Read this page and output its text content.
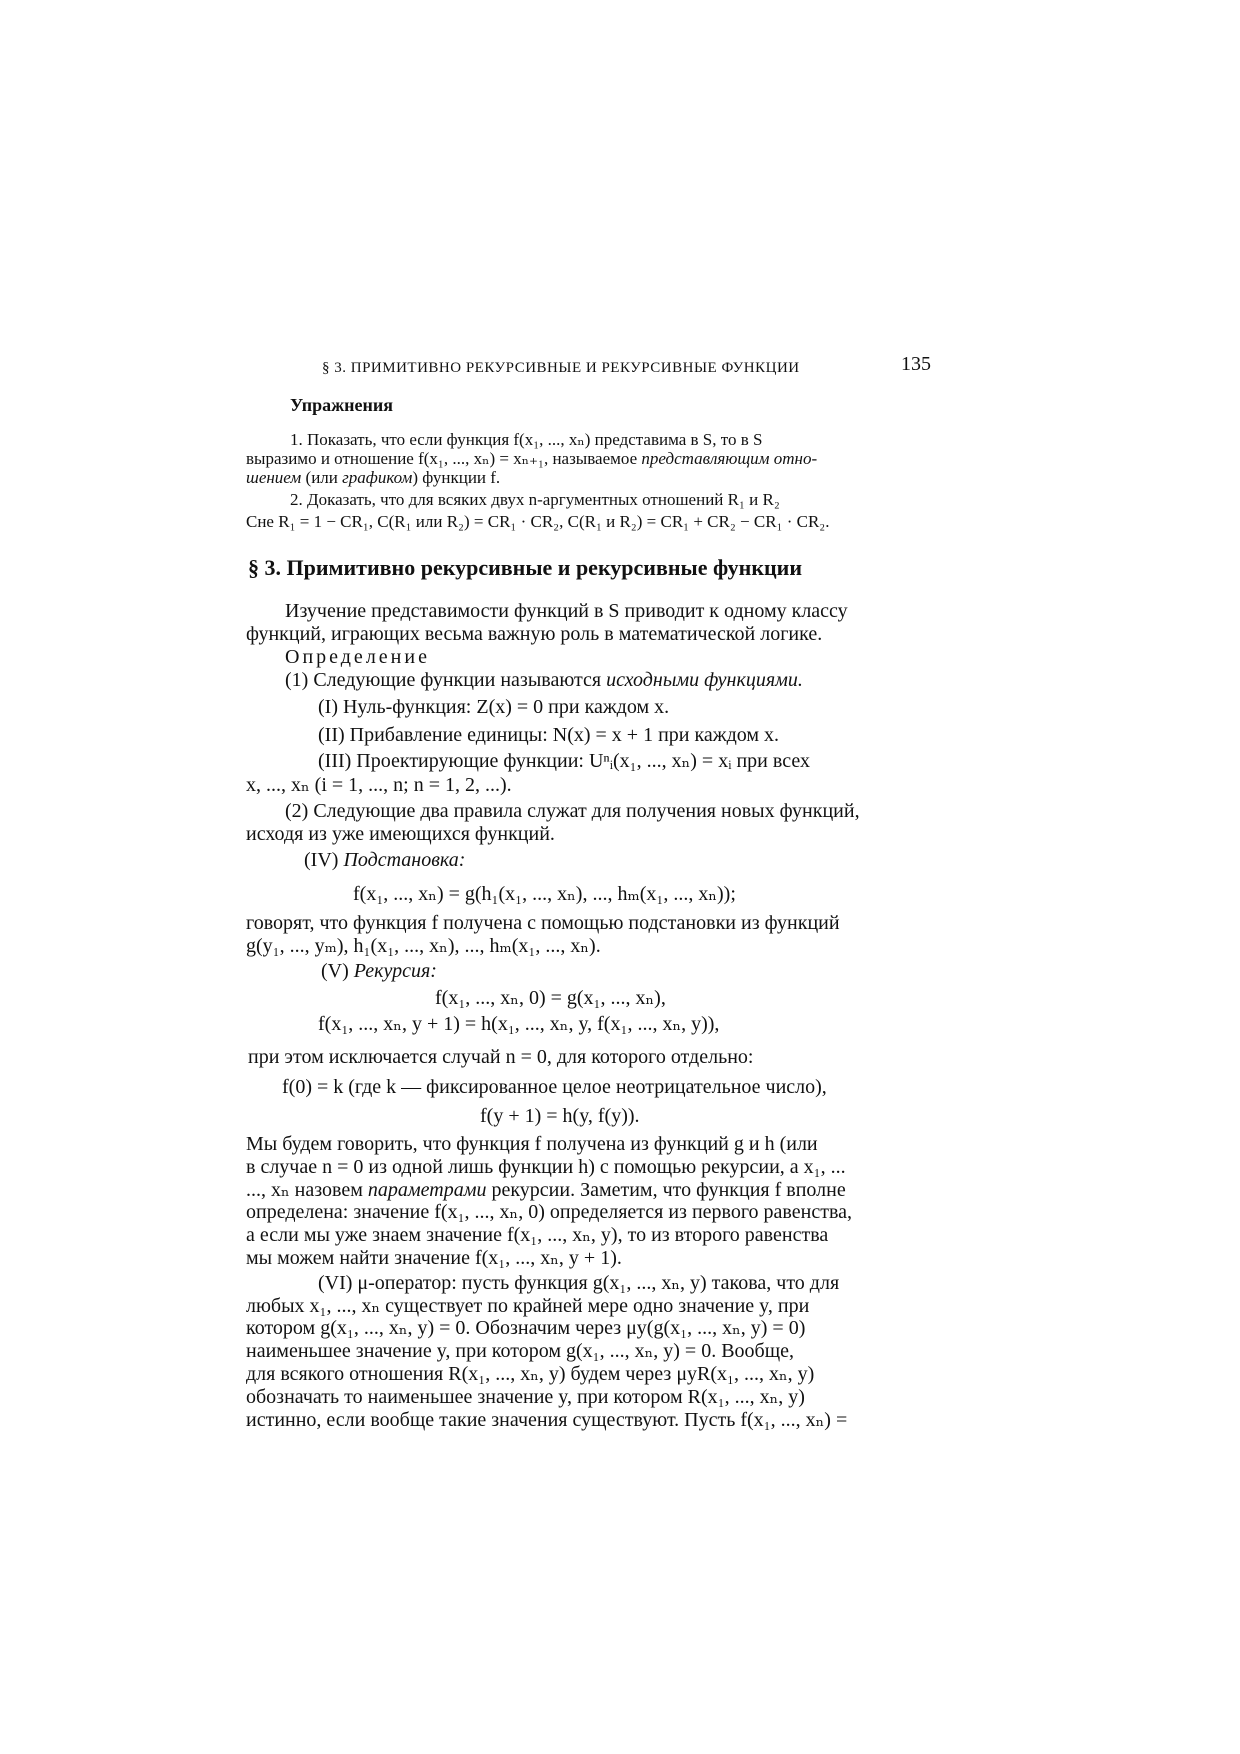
§ 3. ПРИМИТИВНО РЕКУРСИВНЫЕ И РЕКУРСИВНЫЕ ФУНКЦИИ	135
Упражнения
1. Показать, что если функция f(x₁, ..., xₙ) представима в S, то в S
выразимо и отношение f(x₁, ..., xₙ) = xₙ₊₁, называемое представляющим отно-
шением (или графиком) функции f.
2. Доказать, что для всяких двух n-аргументных отношений R₁ и R₂
Cне R₁ = 1 − CR₁, C(R₁ или R₂) = CR₁ · CR₂, C(R₁ и R₂) = CR₁ + CR₂ − CR₁ · CR₂.
§ 3. Примитивно рекурсивные и рекурсивные функции
Изучение представимости функций в S приводит к одному классу
функций, играющих весьма важную роль в математической логике.
Определение
(1) Следующие функции называются исходными функциями.
(I) Нуль-функция: Z(x) = 0 при каждом x.
(II) Прибавление единицы: N(x) = x + 1 при каждом x.
(III) Проектирующие функции: Uⁿᵢ(x₁, ..., xₙ) = xᵢ при всех
x, ..., xₙ (i = 1, ..., n; n = 1, 2, ...).
(2) Следующие два правила служат для получения новых функций,
исходя из уже имеющихся функций.
(IV) Подстановка:
f(x₁, ..., xₙ) = g(h₁(x₁, ..., xₙ), ..., hₘ(x₁, ..., xₙ));
говорят, что функция f получена с помощью подстановки из функций
g(y₁, ..., yₘ), h₁(x₁, ..., xₙ), ..., hₘ(x₁, ..., xₙ).
(V) Рекурсия:
f(x₁, ..., xₙ, 0) = g(x₁, ..., xₙ),
f(x₁, ..., xₙ, y + 1) = h(x₁, ..., xₙ, y, f(x₁, ..., xₙ, y)),
при этом исключается случай n = 0, для которого отдельно:
f(0) = k (где k — фиксированное целое неотрицательное число),
f(y + 1) = h(y, f(y)).
Мы будем говорить, что функция f получена из функций g и h (или
в случае n = 0 из одной лишь функции h) с помощью рекурсии, а x₁, ...
..., xₙ назовем параметрами рекурсии. Заметим, что функция f вполне
определена: значение f(x₁, ..., xₙ, 0) определяется из первого равенства,
а если мы уже знаем значение f(x₁, ..., xₙ, y), то из второго равенства
мы можем найти значение f(x₁, ..., xₙ, y + 1).
(VI) μ-оператор: пусть функция g(x₁, ..., xₙ, y) такова, что для
любых x₁, ..., xₙ существует по крайней мере одно значение y, при
котором g(x₁, ..., xₙ, y) = 0. Обозначим через μy(g(x₁, ..., xₙ, y) = 0)
наименьшее значение y, при котором g(x₁, ..., xₙ, y) = 0. Вообще,
для всякого отношения R(x₁, ..., xₙ, y) будем через μyR(x₁, ..., xₙ, y)
обозначать то наименьшее значение y, при котором R(x₁, ..., xₙ, y)
истинно, если вообще такие значения существуют. Пусть f(x₁, ..., xₙ) =
